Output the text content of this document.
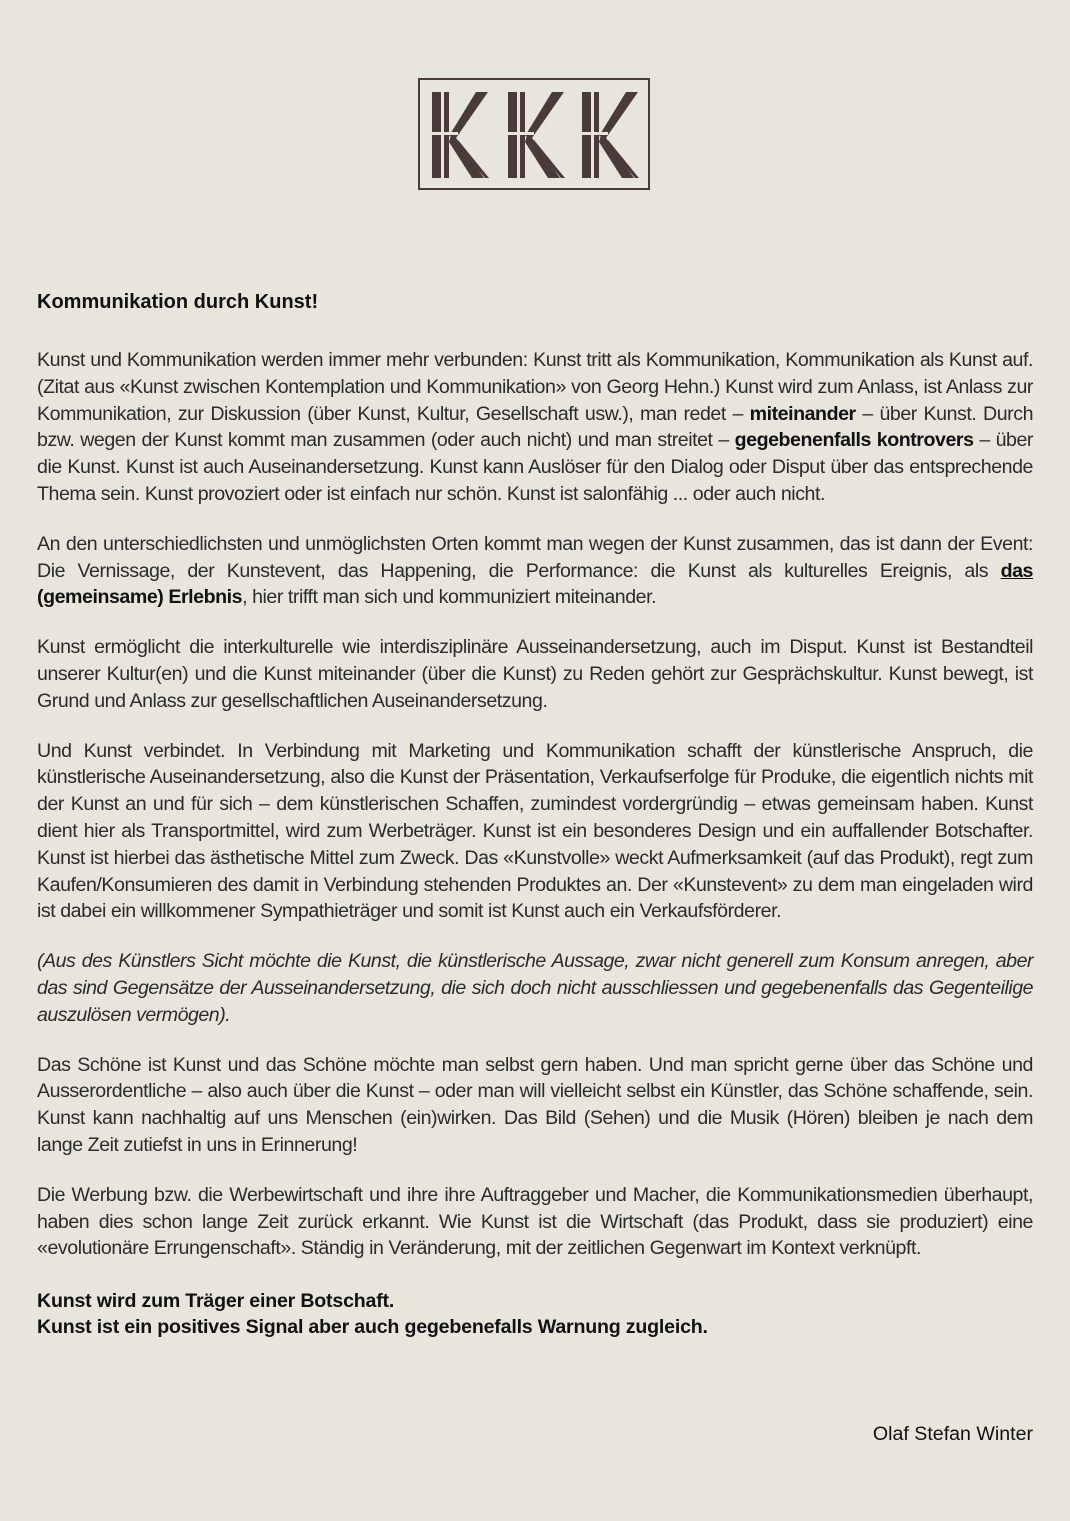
Kommunikation durch Kunst!

Kunst und Kommunikation werden immer mehr verbunden: Kunst tritt als Kommunikation, Kommunikation als Kunst auf. (Zitat aus «Kunst zwischen Kontemplation und Kommunikation» von Georg Hehn.) Kunst wird zum Anlass, ist Anlass zur Kommunikation, zur Diskussion (über Kunst, Kultur, Gesellschaft usw.), man redet – miteinander – über Kunst. Durch bzw. wegen der Kunst kommt man zusammen (oder auch nicht) und man streitet – gegebenenfalls kontrovers – über die Kunst. Kunst ist auch Auseinandersetzung. Kunst kann Auslöser für den Dialog oder Disput über das entsprechende Thema sein. Kunst provoziert oder ist einfach nur schön. Kunst ist salonfähig ... oder auch nicht.

An den unterschiedlichsten und unmöglichsten Orten kommt man wegen der Kunst zusammen, das ist dann der Event: Die Vernissage, der Kunstevent, das Happening, die Performance: die Kunst als kulturelles Ereignis, als das (gemeinsame) Erlebnis, hier trifft man sich und kommuniziert miteinander.

Kunst ermöglicht die interkulturelle wie interdisziplinäre Ausseinandersetzung, auch im Disput. Kunst ist Bestandteil unserer Kultur(en) und die Kunst miteinander (über die Kunst) zu Reden gehört zur Gesprächskultur. Kunst bewegt, ist Grund und Anlass zur gesellschaftlichen Auseinandersetzung.

Und Kunst verbindet. In Verbindung mit Marketing und Kommunikation schafft der künstlerische Anspruch, die künstlerische Auseinandersetzung, also die Kunst der Präsentation, Verkaufserfolge für Produke, die eigentlich nichts mit der Kunst an und für sich – dem künstlerischen Schaffen, zumindest vordergründig – etwas gemeinsam haben. Kunst dient hier als Transportmittel, wird zum Werbeträger. Kunst ist ein besonderes Design und ein auffallender Botschafter. Kunst ist hierbei das ästhetische Mittel zum Zweck. Das «Kunstvolle» weckt Aufmerksamkeit (auf das Produkt), regt zum Kaufen/Konsumieren des damit in Verbindung stehenden Produktes an. Der «Kunstevent» zu dem man eingeladen wird ist dabei ein willkommener Sympathieträger und somit ist Kunst auch ein Verkaufsförderer.

(Aus des Künstlers Sicht möchte die Kunst, die künstlerische Aussage, zwar nicht generell zum Konsum anregen, aber das sind Gegensätze der Ausseinandersetzung, die sich doch nicht ausschliessen und gegebenenfalls das Gegenteilige auszulösen vermögen).

Das Schöne ist Kunst und das Schöne möchte man selbst gern haben. Und man spricht gerne über das Schöne und Ausserordentliche – also auch über die Kunst – oder man will vielleicht selbst ein Künstler, das Schöne schaffende, sein. Kunst kann nachhaltig auf uns Menschen (ein)wirken. Das Bild (Sehen) und die Musik (Hören) bleiben je nach dem lange Zeit zutiefst in uns in Erinnerung!

Die Werbung bzw. die Werbewirtschaft und ihre ihre Auftraggeber und Macher, die Kommunikationsmedien überhaupt, haben dies schon lange Zeit zurück erkannt. Wie Kunst ist die Wirtschaft (das Produkt, dass sie produziert) eine «evolutionäre Errungenschaft». Ständig in Veränderung, mit der zeitlichen Gegenwart im Kontext verknüpft.

Kunst wird zum Träger einer Botschaft.
Kunst ist ein positives Signal aber auch gegebenefalls Warnung zugleich.
Olaf Stefan Winter
